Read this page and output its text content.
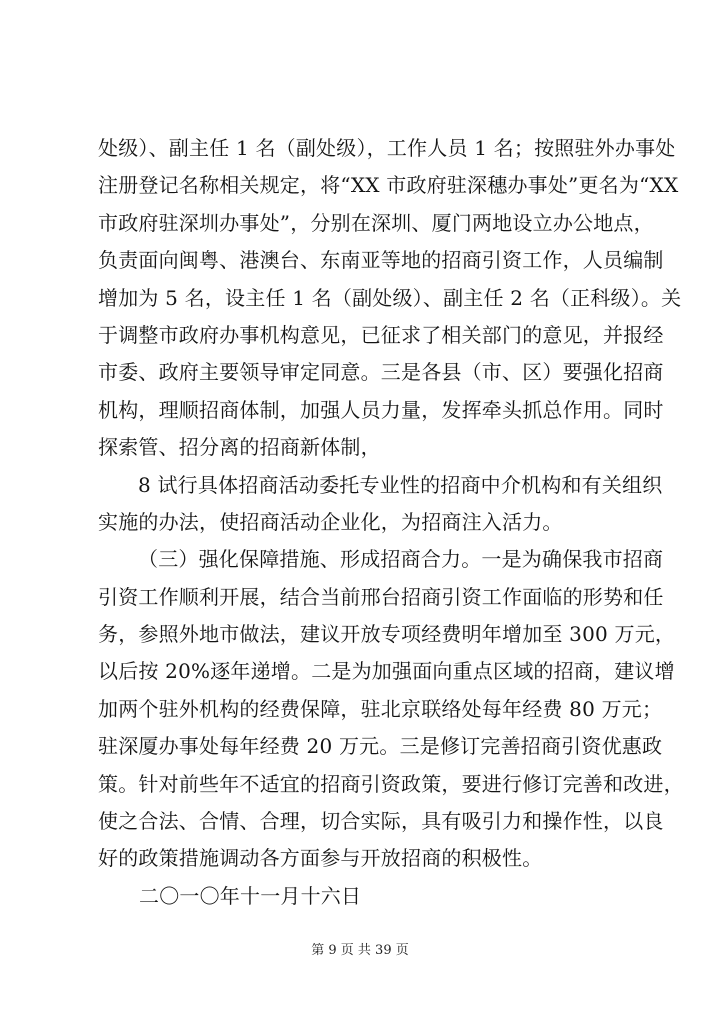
处级）、副主任 1 名（副处级），工作人员 1 名；按照驻外办事处
注册登记名称相关规定，将“XX 市政府驻深穗办事处”更名为“XX
市政府驻深圳办事处”，分别在深圳、厦门两地设立办公地点，
负责面向闽粤、港澳台、东南亚等地的招商引资工作，人员编制
增加为 5 名，设主任 1 名（副处级）、副主任 2 名（正科级）。关
于调整市政府办事机构意见，已征求了相关部门的意见，并报经
市委、政府主要领导审定同意。三是各县（市、区）要强化招商
机构，理顺招商体制，加强人员力量，发挥牵头抓总作用。同时
探索管、招分离的招商新体制，
8 试行具体招商活动委托专业性的招商中介机构和有关组织
实施的办法，使招商活动企业化，为招商注入活力。
（三）强化保障措施、形成招商合力。一是为确保我市招商
引资工作顺利开展，结合当前邢台招商引资工作面临的形势和任
务，参照外地市做法，建议开放专项经费明年增加至 300 万元，
以后按 20%逐年递增。二是为加强面向重点区域的招商，建议增
加两个驻外机构的经费保障，驻北京联络处每年经费 80 万元；
驻深厦办事处每年经费 20 万元。三是修订完善招商引资优惠政
策。针对前些年不适宜的招商引资政策，要进行修订完善和改进，
使之合法、合情、合理，切合实际，具有吸引力和操作性，以良
好的政策措施调动各方面参与开放招商的积极性。
二〇一〇年十一月十六日
第 9 页 共 39 页
